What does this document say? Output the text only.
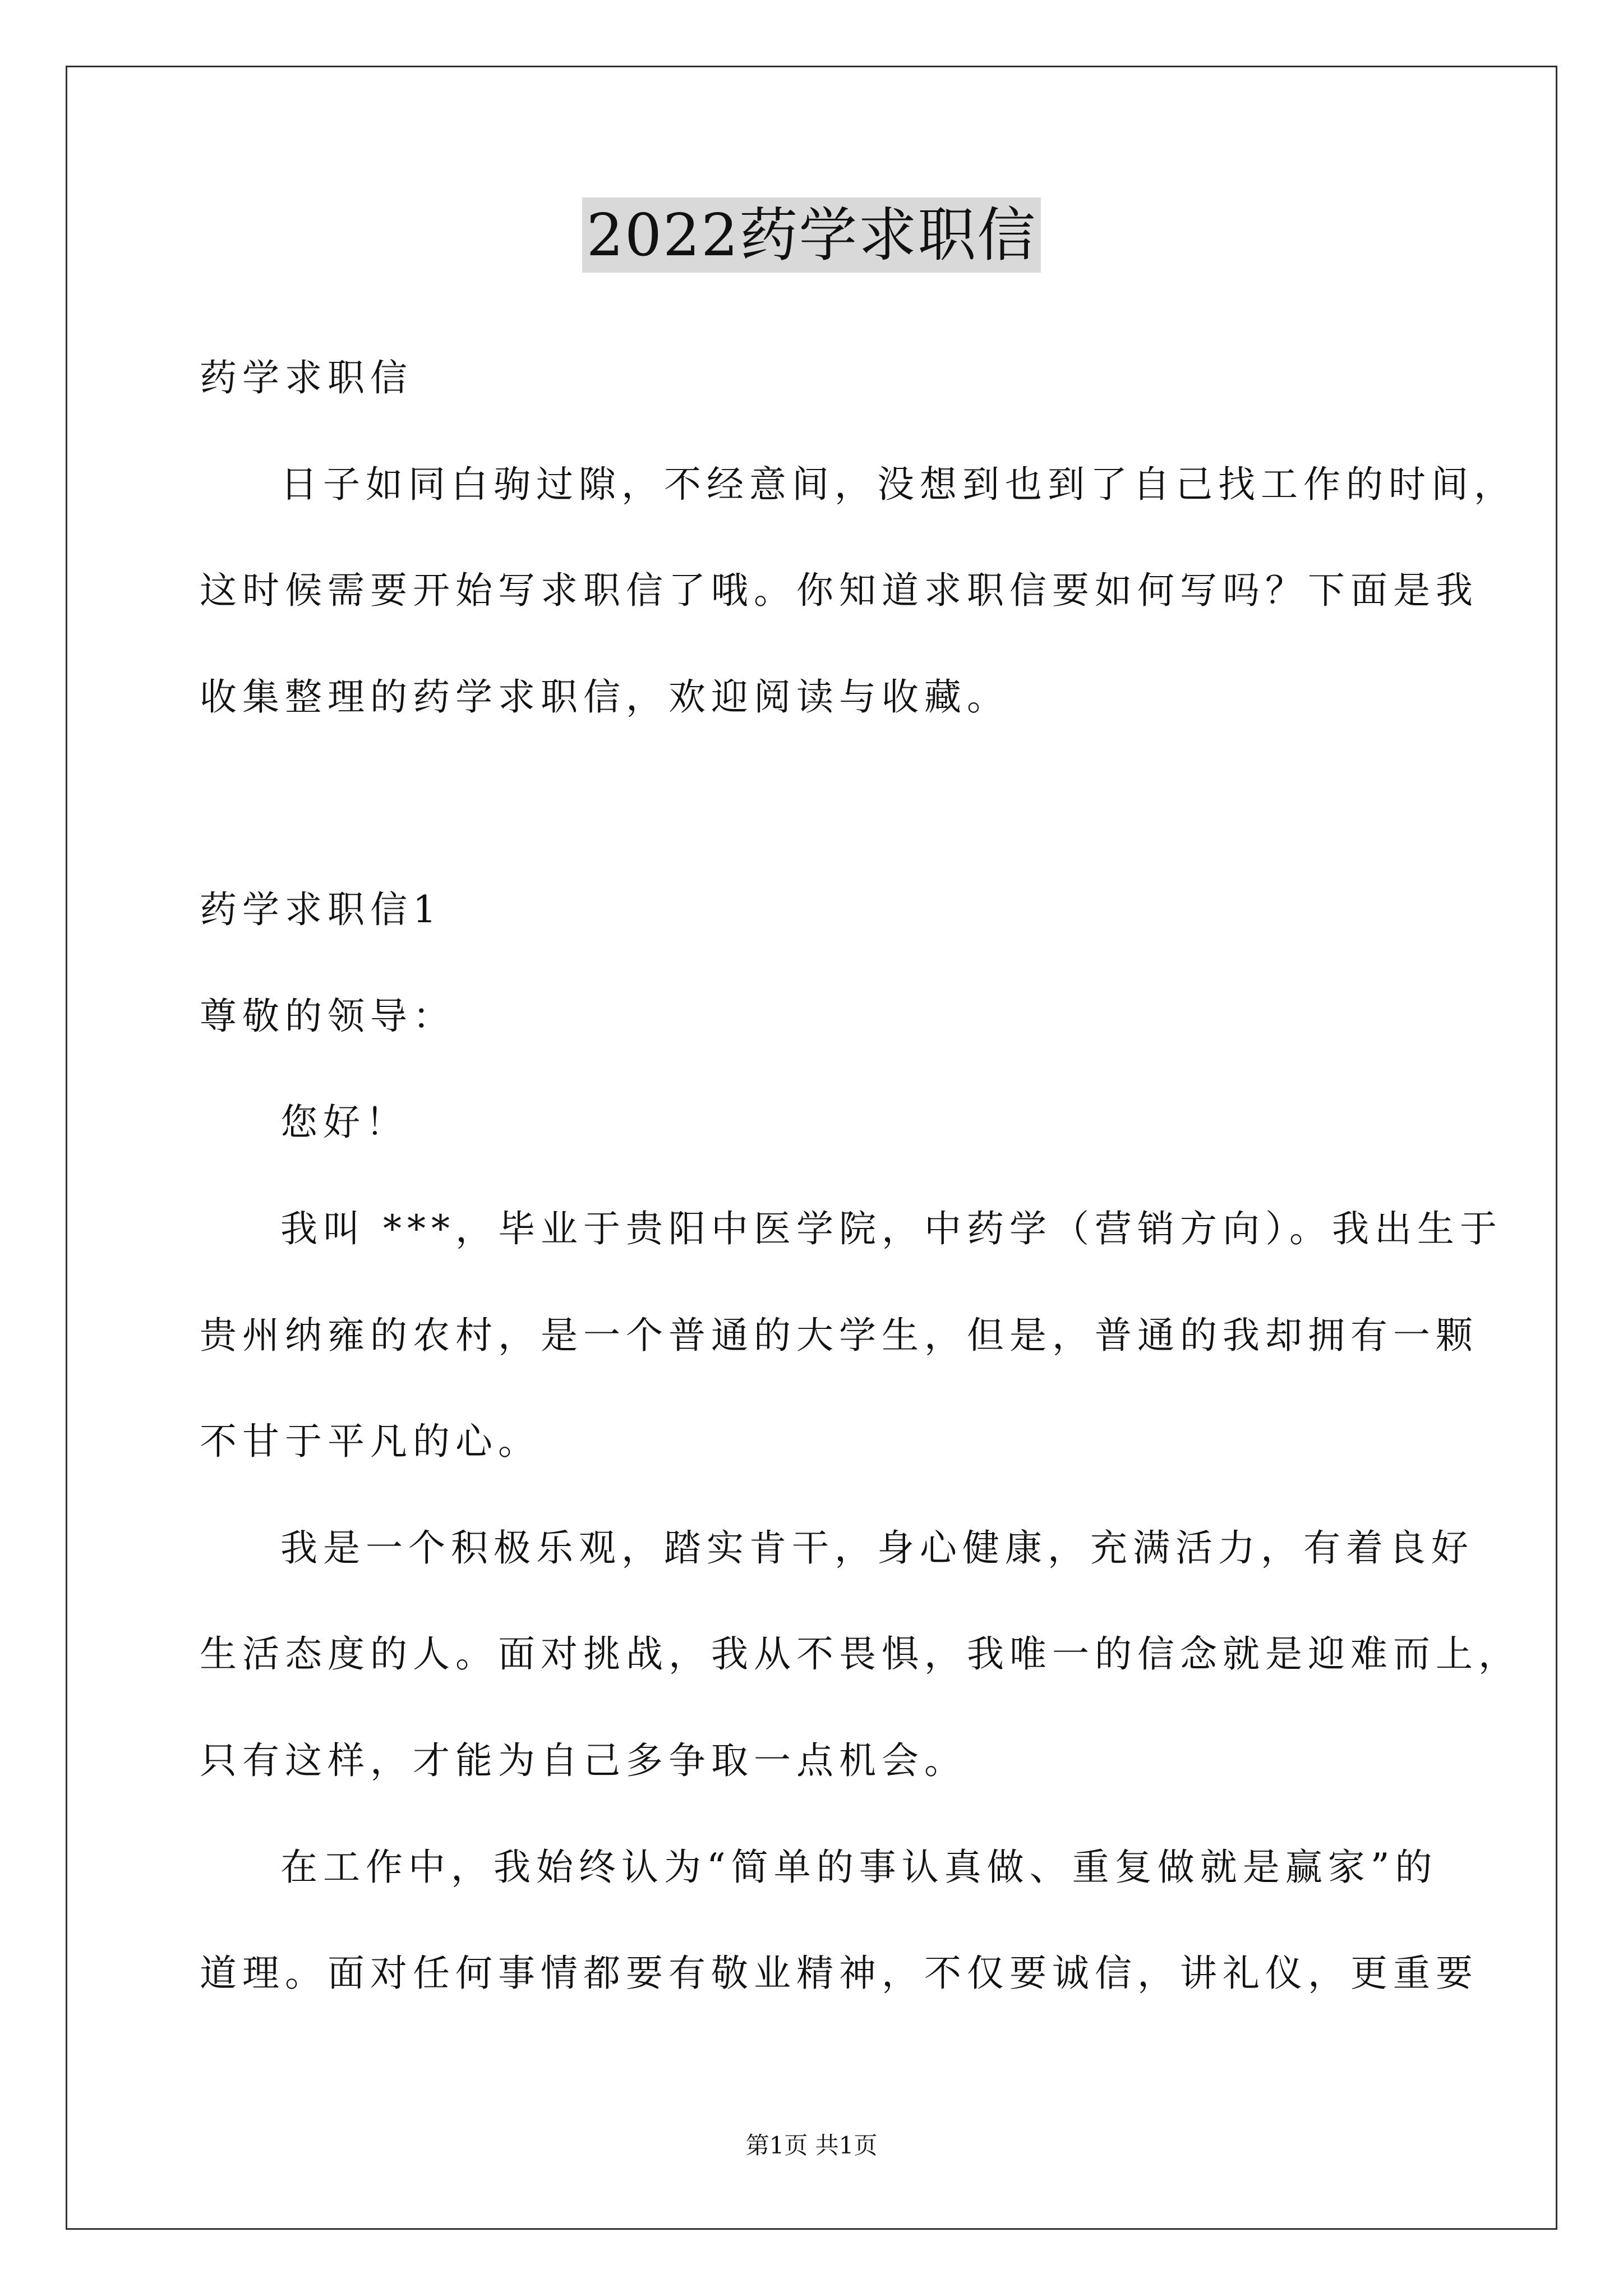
2022药学求职信
药学求职信
日子如同白驹过隙，不经意间，没想到也到了自己找工作的时间，
这时候需要开始写求职信了哦。你知道求职信要如何写吗？下面是我
收集整理的药学求职信，欢迎阅读与收藏。
药学求职信1
尊敬的领导：
您好！
我叫 ***，毕业于贵阳中医学院，中药学（营销方向）。我出生于
贵州纳雍的农村，是一个普通的大学生，但是，普通的我却拥有一颗
不甘于平凡的心。
我是一个积极乐观，踏实肯干，身心健康，充满活力，有着良好
生活态度的人。面对挑战，我从不畏惧，我唯一的信念就是迎难而上，
只有这样，才能为自己多争取一点机会。
在工作中，我始终认为“简单的事认真做、重复做就是赢家”的
道理。面对任何事情都要有敬业精神，不仅要诚信，讲礼仪，更重要
第1页 共1页
